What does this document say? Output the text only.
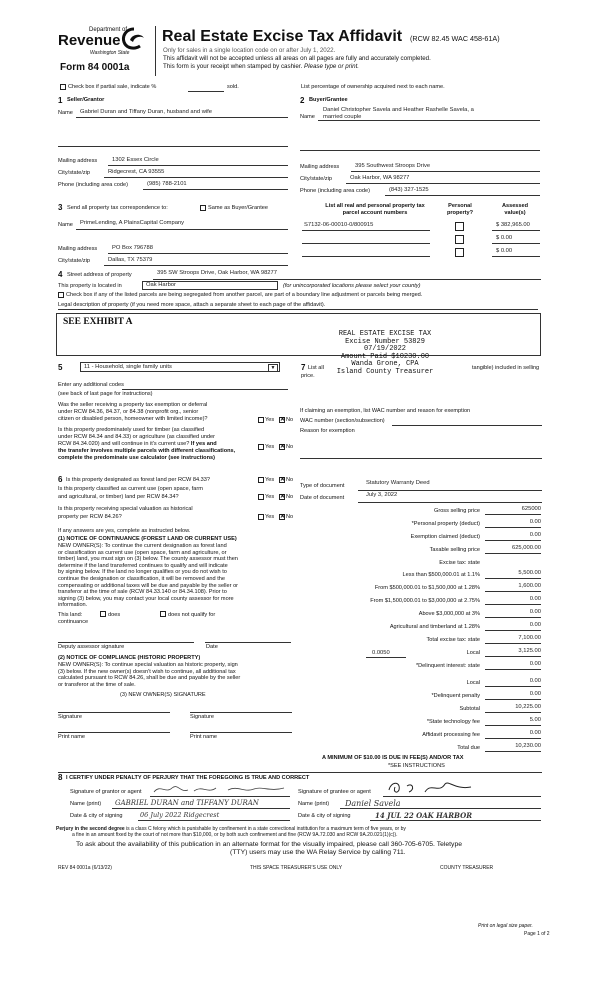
Department of
Revenue
Washington State
Form 84 0001a
Real Estate Excise Tax Affidavit (RCW 82.45 WAC 458-61A)
Only for sales in a single location code on or after July 1, 2022.
This affidavit will not be accepted unless all areas on all pages are fully and accurately completed.
This form is your receipt when stamped by cashier. Please type or print.
Check box if partial sale, indicate %	sold.	List percentage of ownership acquired next to each name.
1 Seller/Grantor
Name Gabriel Duran and Tiffany Duran, husband and wife
Mailing address	1302 Essex Circle
City/state/zip	Ridgecrest, CA 93555
Phone (including area code)	(985) 788-2101
2 Buyer/Grantee
Name
Daniel Christopher Savela and Heather Rashelle Savela, a
married couple
Mailing address	395 Southwest Stroops Drive
City/state/zip	Oak Harbor, WA 98277
Phone (including area code)	(843) 327-1525
3 Send all property tax correspondence to:	Same as Buyer/Grantee
Name PrimeLending, A PlainsCapital Company
Mailing address	PO Box 796788
City/state/zip	Dallas, TX 75379
List all real and personal property tax
parcel account numbers
Personal
property?
Assessed
value(s)
S7132-06-00010-0/800915	$ 382,965.00
$ 0.00
$ 0.00
4 Street address of property	395 SW Stroops Drive, Oak Harbor, WA 98277
This property is located in	Oak Harbor	(for unincorporated locations please select your county)
Check box if any of the listed parcels are being segregated from another parcel, are part of a boundary line adjustment or parcels being merged.
Legal description of property (if you need more space, attach a separate sheet to each page of the affidavit).
SEE EXHIBIT A
REAL ESTATE EXCISE TAX
Excise Number 53829
07/19/2022
Amount Paid $10230.00
Wanda Grone, CPA
Island County Treasurer
5	11 - Household, single family units	▼
Enter any additional codes
(see back of last page for instructions)
Was the seller receiving a property tax exemption or deferral
under RCW 84.36, 84.37, or 84.38 (nonprofit org., senior
citizen or disabled person, homeowner with limited income)?	Yes ✕ No
Is this property predominately used for timber (as classified
under RCW 84.34 and 84.33) or agriculture (as classified under
RCW 84.34.020) and will continue in it's current use? If yes and
the transfer involves multiple parcels with different classifications,
complete the predominate use calculator (see instructions)
Yes ✕ No
7 List all
price.
tangible) included in selling
If claiming an exemption, list WAC number and reason for exemption
WAC number (section/subsection)
Reason for exemption
Type of document	Statutory Warranty Deed
Date of document	July 3, 2022
6 Is this property designated as forest land per RCW 84.33?	Yes ✕ No
Is this property classified as current use (open space, farm
and agricultural, or timber) land per RCW 84.34?	Yes ✕ No
Is this property receiving special valuation as historical
property per RCW 84.26?	Yes ✕ No
If any answers are yes, complete as instructed below.
(1) NOTICE OF CONTINUANCE (FOREST LAND OR CURRENT USE)
NEW OWNER(S): To continue the current designation as forest land
or classification as current use (open space, farm and agriculture, or
timber) land, you must sign on (3) below. The county assessor must then
determine if the land transferred continues to qualify and will indicate
by signing below. If the land no longer qualifies or you do not wish to
continue the designation or classification, it will be removed and the
compensating or additional taxes will be due and payable by the seller or
transferor at the time of sale (RCW 84.33.140 or 84.34.108). Prior to
signing (3) below, you may contact your local county assessor for more
information.
This land:
continuance
does	does not qualify for
Deputy assessor signature	Date
(2) NOTICE OF COMPLIANCE (HISTORIC PROPERTY)
NEW OWNER(S): To continue special valuation as historic property, sign
(3) below. If the new owner(s) doesn't wish to continue, all additional tax
calculated pursuant to RCW 84.26, shall be due and payable by the seller
or transferor at the time of sale.
(3) NEW OWNER(S) SIGNATURE
Signature	Signature
Print name	Print name
Gross selling price	625000
*Personal property (deduct)	0.00
Exemption claimed (deduct)	0.00
Taxable selling price	625,000.00
Excise tax: state
Less than $500,000.01 at 1.1%	5,500.00
From $500,000.01 to $1,500,000 at 1.28%	1,600.00
From $1,500,000.01 to $3,000,000 at 2.75%	0.00
Above $3,000,000 at 3%	0.00
Agricultural and timberland at 1.28%	0.00
Total excise tax: state	7,100.00
0.0050	Local	3,125.00
*Delinquent interest: state	0.00
Local	0.00
*Delinquent penalty	0.00
Subtotal	10,225.00
*State technology fee	5.00
Affidavit processing fee	0.00
Total due	10,230.00
A MINIMUM OF $10.00 IS DUE IN FEE(S) AND/OR TAX
*SEE INSTRUCTIONS
8 I CERTIFY UNDER PENALTY OF PERJURY THAT THE FOREGOING IS TRUE AND CORRECT
Signature of grantor or agent
Name (print) GABRIEL DURAN and TIFFANY DURAN
Date & city of signing	06 July 2022 Ridgecrest
Signature of grantee or agent
Name (print) Daniel Savela
Date & city of signing	14 JUL 22 OAK HARBOR
Perjury in the second degree is a class C felony which is punishable by confinement in a state correctional institution for a maximum term of five years, or by
a fine in an amount fixed by the court of not more than $10,000, or by both such confinement and fine (RCW 9A.72.030 and RCW 9A.20.021(1)(c)).
To ask about the availability of this publication in an alternate format for the visually impaired, please call 360-705-6705. Teletype
(TTY) users may use the WA Relay Service by calling 711.
REV 84 0001a (6/13/22)	THIS SPACE TREASURER'S USE ONLY	COUNTY TREASURER
Print on legal size paper.
Page 1 of 2
